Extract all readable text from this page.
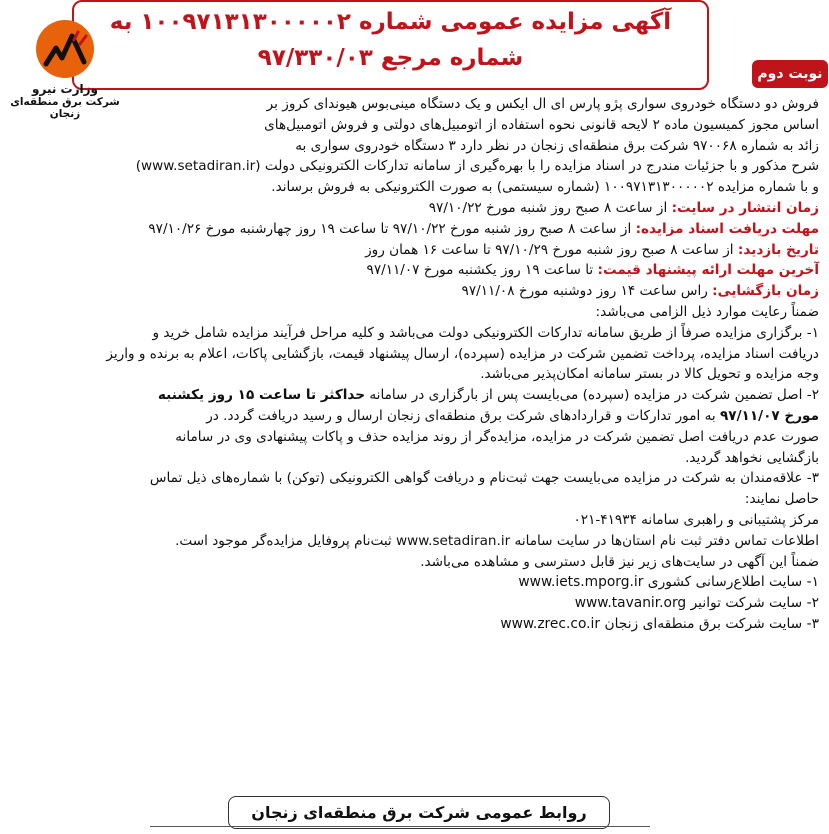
آگهی مزایده عمومی شماره ۱۰۰۹۷۱۳۱۳۰۰۰۰۰۲ به
شماره مرجع ۹۷/۳۳۰/۰۳
نوبت دوم
وزارت نیرو
شرکت برق منطقه‌ای زنجان
فروش دو دستگاه خودروی سواری پژو پارس ای ال ایکس و یک دستگاه مینی‌بوس هیوندای کروز بر
اساس مجوز کمیسیون ماده ۲ لایحه قانونی نحوه استفاده از اتومبیل‌های دولتی و فروش اتومبیل‌های
زائد به شماره ۹۷۰۰۶۸ شرکت برق منطقه‌ای زنجان در نظر دارد ۳ دستگاه خودروی سواری به
شرح مذکور و با جزئیات مندرج در اسناد مزایده را با بهره‌گیری از سامانه تدارکات الکترونیکی دولت (www.setadiran.ir)
و با شماره مزایده ۱۰۰۹۷۱۳۱۳۰۰۰۰۰۲ (شماره سیستمی) به صورت الکترونیکی به فروش برساند.
زمان انتشار در سایت: از ساعت ۸ صبح روز شنبه مورخ ۹۷/۱۰/۲۲
مهلت دریافت اسناد مزایده: از ساعت ۸ صبح روز شنبه مورخ ۹۷/۱۰/۲۲ تا ساعت ۱۹ روز چهارشنبه مورخ ۹۷/۱۰/۲۶
تاریخ بازدید: از ساعت ۸ صبح روز شنبه مورخ ۹۷/۱۰/۲۹ تا ساعت ۱۶ همان روز
آخرین مهلت ارائه پیشنهاد قیمت: تا ساعت ۱۹ روز یکشنبه مورخ ۹۷/۱۱/۰۷
زمان بازگشایی: راس ساعت ۱۴ روز دوشنبه مورخ ۹۷/۱۱/۰۸
ضمناً رعایت موارد ذیل الزامی می‌باشد:
۱- برگزاری مزایده صرفاً از طریق سامانه تدارکات الکترونیکی دولت می‌باشد و کلیه مراحل فرآیند مزایده شامل خرید و
دریافت اسناد مزایده، پرداخت تضمین شرکت در مزایده (سپرده)، ارسال پیشنهاد قیمت، بازگشایی پاکات، اعلام به برنده و واریز
وجه مزایده و تحویل کالا در بستر سامانه امکان‌پذیر می‌باشد.
۲- اصل تضمین شرکت در مزایده (سپرده) می‌بایست پس از بارگزاری در سامانه حداکثر تا ساعت ۱۵ روز یکشنبه
مورخ ۹۷/۱۱/۰۷ به امور تدارکات و قراردادهای شرکت برق منطقه‌ای زنجان ارسال و رسید دریافت گردد. در
صورت عدم دریافت اصل تضمین شرکت در مزایده، مزایده‌گر از روند مزایده حذف و پاکات پیشنهادی وی در سامانه
بازگشایی نخواهد گردید.
۳- علاقه‌مندان به شرکت در مزایده می‌بایست جهت ثبت‌نام و دریافت گواهی الکترونیکی (توکن) با شماره‌های ذیل تماس
حاصل نمایند:
مرکز پشتیبانی و راهبری سامانه ۴۱۹۳۴-۰۲۱
اطلاعات تماس دفتر ثبت نام استان‌ها در سایت سامانه www.setadiran.ir ثبت‌نام پروفایل مزایده‌گر موجود است.
ضمناً این آگهی در سایت‌های زیر نیز قابل دسترسی و مشاهده می‌باشد.
۱- سایت اطلاع‌رسانی کشوری www.iets.mporg.ir
۲- سایت شرکت توانیر www.tavanir.org
۳- سایت شرکت برق منطقه‌ای زنجان www.zrec.co.ir
روابط عمومی شرکت برق منطقه‌ای زنجان
